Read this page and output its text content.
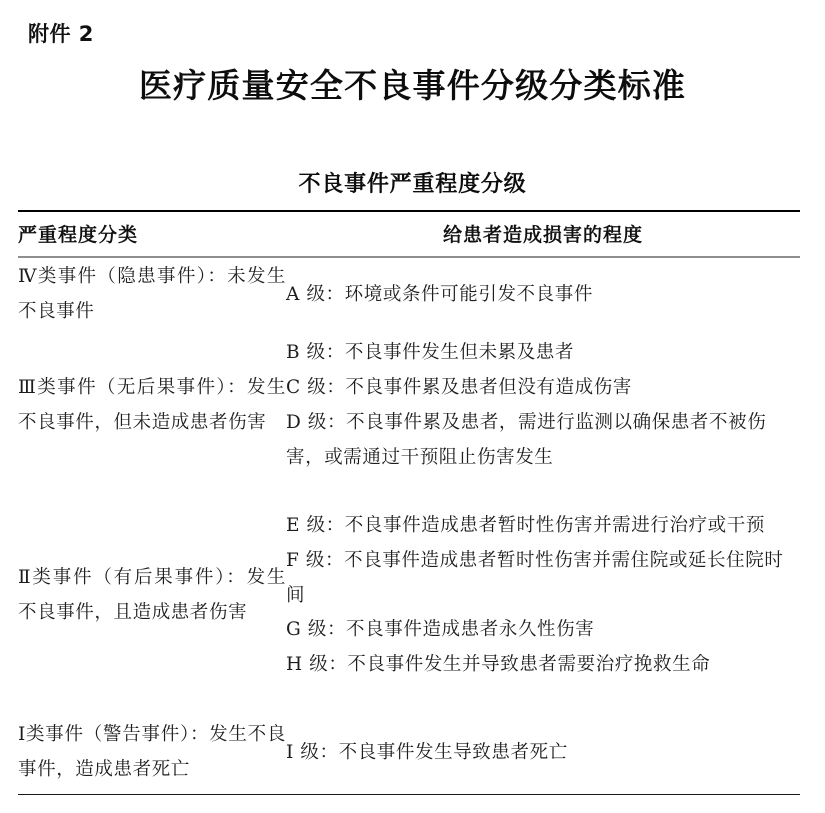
附件 2
医疗质量安全不良事件分级分类标准
不良事件严重程度分级
严重程度分类	给患者造成损害的程度
Ⅳ类事件（隐患事件）：未发生不良事件	A 级：环境或条件可能引发不良事件

Ⅲ类事件（无后果事件）：发生不良事件，但未造成患者伤害	B 级：不良事件发生但未累及患者
C 级：不良事件累及患者但没有造成伤害
D 级：不良事件累及患者，需进行监测以确保患者不被伤害，或需通过干预阻止伤害发生

Ⅱ类事件（有后果事件）：发生不良事件，且造成患者伤害	E 级：不良事件造成患者暂时性伤害并需进行治疗或干预
F 级：不良事件造成患者暂时性伤害并需住院或延长住院时间
G 级：不良事件造成患者永久性伤害
H 级：不良事件发生并导致患者需要治疗挽救生命

Ⅰ类事件（警告事件）：发生不良事件，造成患者死亡	I 级：不良事件发生导致患者死亡
